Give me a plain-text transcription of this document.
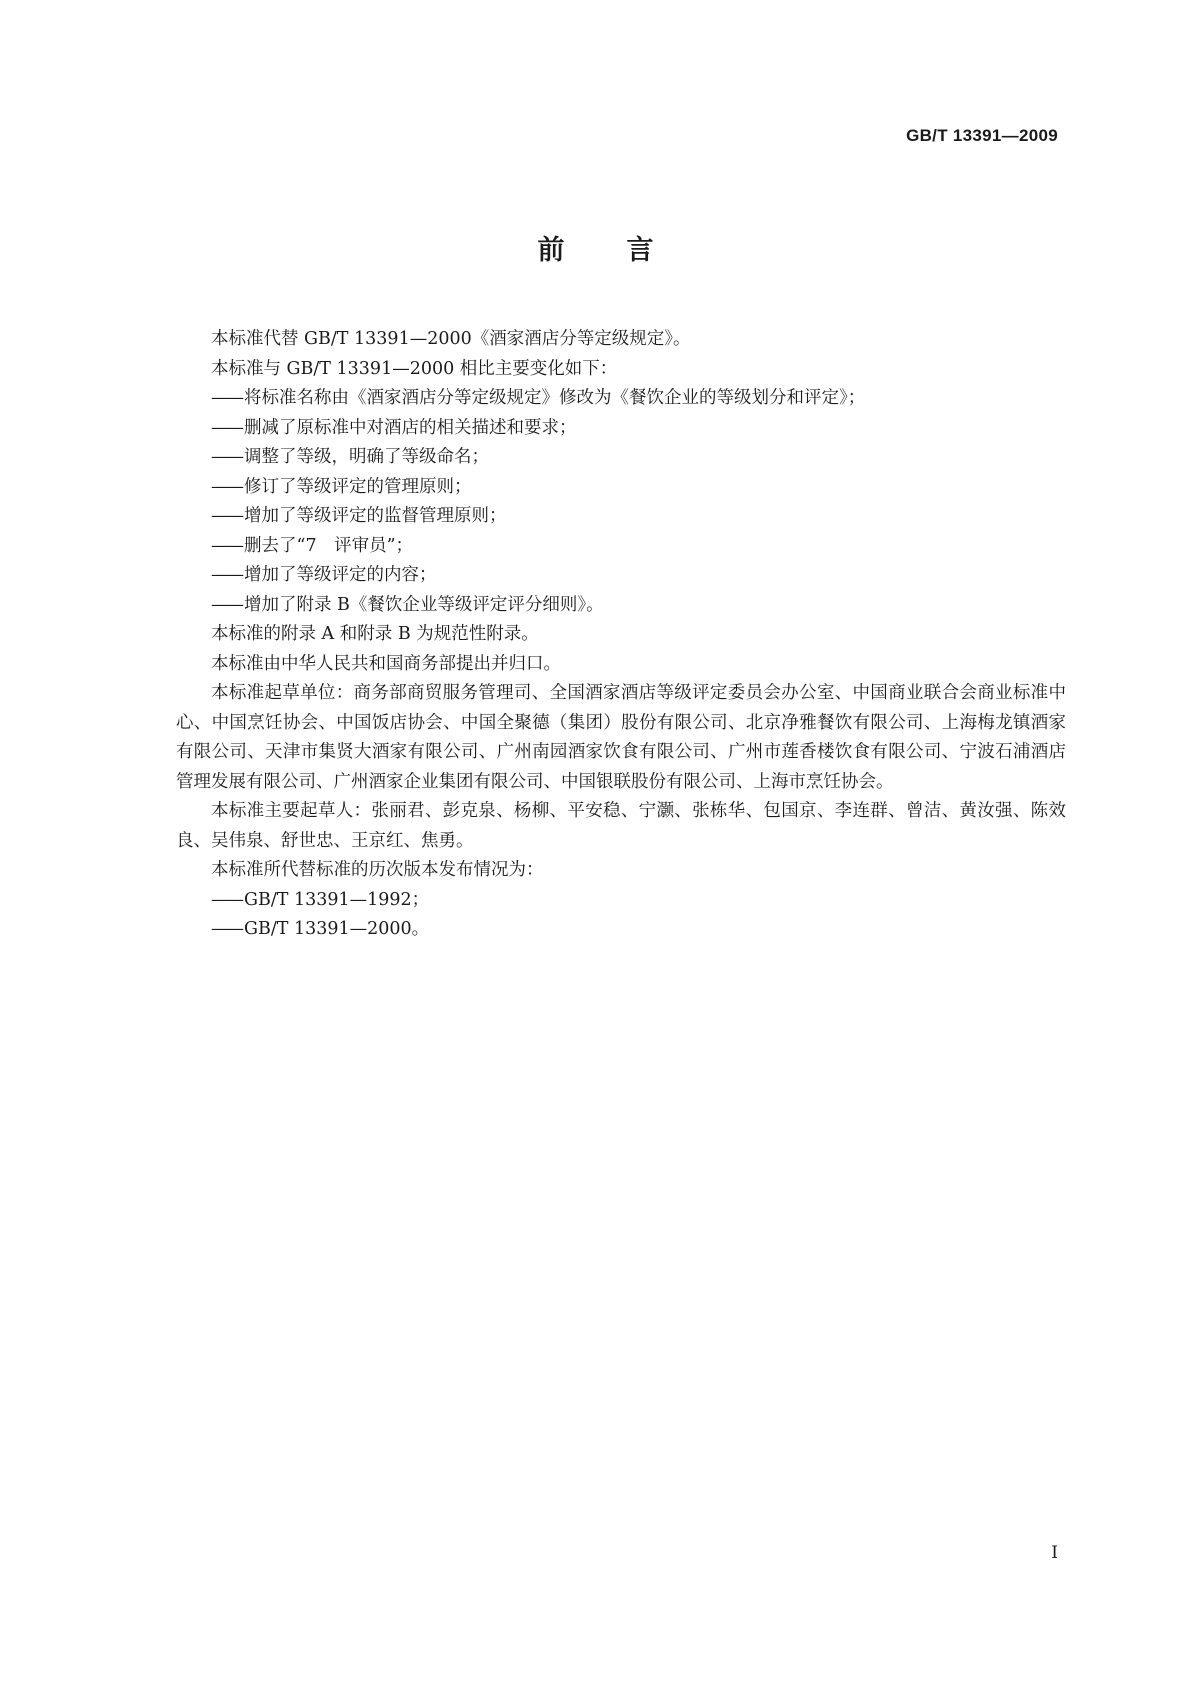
GB/T 13391—2009
前言

本标准代替 GB/T 13391—2000《酒家酒店分等定级规定》。

本标准与 GB/T 13391—2000 相比主要变化如下：

—— 将标准名称由《酒家酒店分等定级规定》修改为《餐饮企业的等级划分和评定》；

—— 删减了原标准中对酒店的相关描述和要求；

—— 调整了等级，明确了等级命名；

—— 修订了等级评定的管理原则；

—— 增加了等级评定的监督管理原则；

—— 删去了“7　评审员”；

—— 增加了等级评定的内容；

—— 增加了附录 B《餐饮企业等级评定评分细则》。

本标准的附录 A 和附录 B 为规范性附录。

本标准由中华人民共和国商务部提出并归口。

本标准起草单位：商务部商贸服务管理司、全国酒家酒店等级评定委员会办公室、中国商业联合会商业标准中心、中国烹饪协会、中国饭店协会、中国全聚德（集团）股份有限公司、北京净雅餐饮有限公司、上海梅龙镇酒家有限公司、天津市集贤大酒家有限公司、广州南园酒家饮食有限公司、广州市莲香楼饮食有限公司、宁波石浦酒店管理发展有限公司、广州酒家企业集团有限公司、中国银联股份有限公司、上海市烹饪协会。

本标准主要起草人：张丽君、彭克泉、杨柳、平安稳、宁灏、张栋华、包国京、李连群、曾洁、黄汝强、陈效良、吴伟泉、舒世忠、王京红、焦勇。

本标准所代替标准的历次版本发布情况为：

—— GB/T 13391—1992；

—— GB/T 13391—2000。

I
